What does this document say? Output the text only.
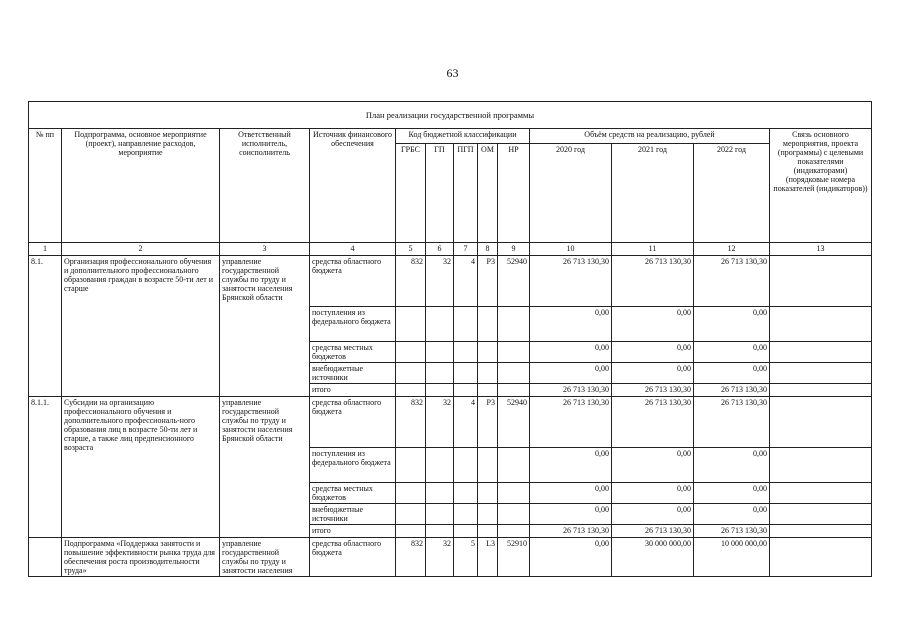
63
План реализации государственной программы												
№ пп	Подпрограмма, основное мероприятие (проект), направление расходов, мероприятие	Ответственный исполнитель, соисполнитель	Источник финансового обеспечения	Код бюджетной классификации					Объём средств на реализацию, рублей			Связь основного мероприятия, проекта (программы) с целевыми показателями (индикаторами) (порядковые номера показателей (индикаторов))
				ГРБС	ГП	ПГП	ОМ	НР	2020 год	2021 год	2022 год	
1	2	3	4	5	6	7	8	9	10	11	12	13
8.1.	Организация профессионального обучения и дополнительного профессионального образования граждан в возрасте 50-ти лет и старше	управление государственной службы по труду и занятости населения Брянской области	средства областного бюджета	832	32	4	P3	52940	26 713 130,30	26 713 130,30	26 713 130,30	
			поступления из федерального бюджета						0,00	0,00	0,00	
			средства местных бюджетов						0,00	0,00	0,00	
			внебюджетные источники						0,00	0,00	0,00	
			итого						26 713 130,30	26 713 130,30	26 713 130,30	
8.1.1.	Субсидии на организацию профессионального обучения и дополнительного профессиональ-ного образования лиц в возрасте 50-ти лет и старше, а также лиц предпенсионного возраста	управление государственной службы по труду и занятости населения Брянской области	средства областного бюджета	832	32	4	P3	52940	26 713 130,30	26 713 130,30	26 713 130,30	
			поступления из федерального бюджета						0,00	0,00	0,00	
			средства местных бюджетов						0,00	0,00	0,00	
			внебюджетные источники						0,00	0,00	0,00	
			итого						26 713 130,30	26 713 130,30	26 713 130,30	
	Подпрограмма «Поддержка занятости и повышение эффективности рынка труда для обеспечения роста производительности труда»	управление государственной службы по труду и занятости населения	средства областного бюджета	832	32	5	L3	52910	0,00	30 000 000,00	10 000 000,00	
